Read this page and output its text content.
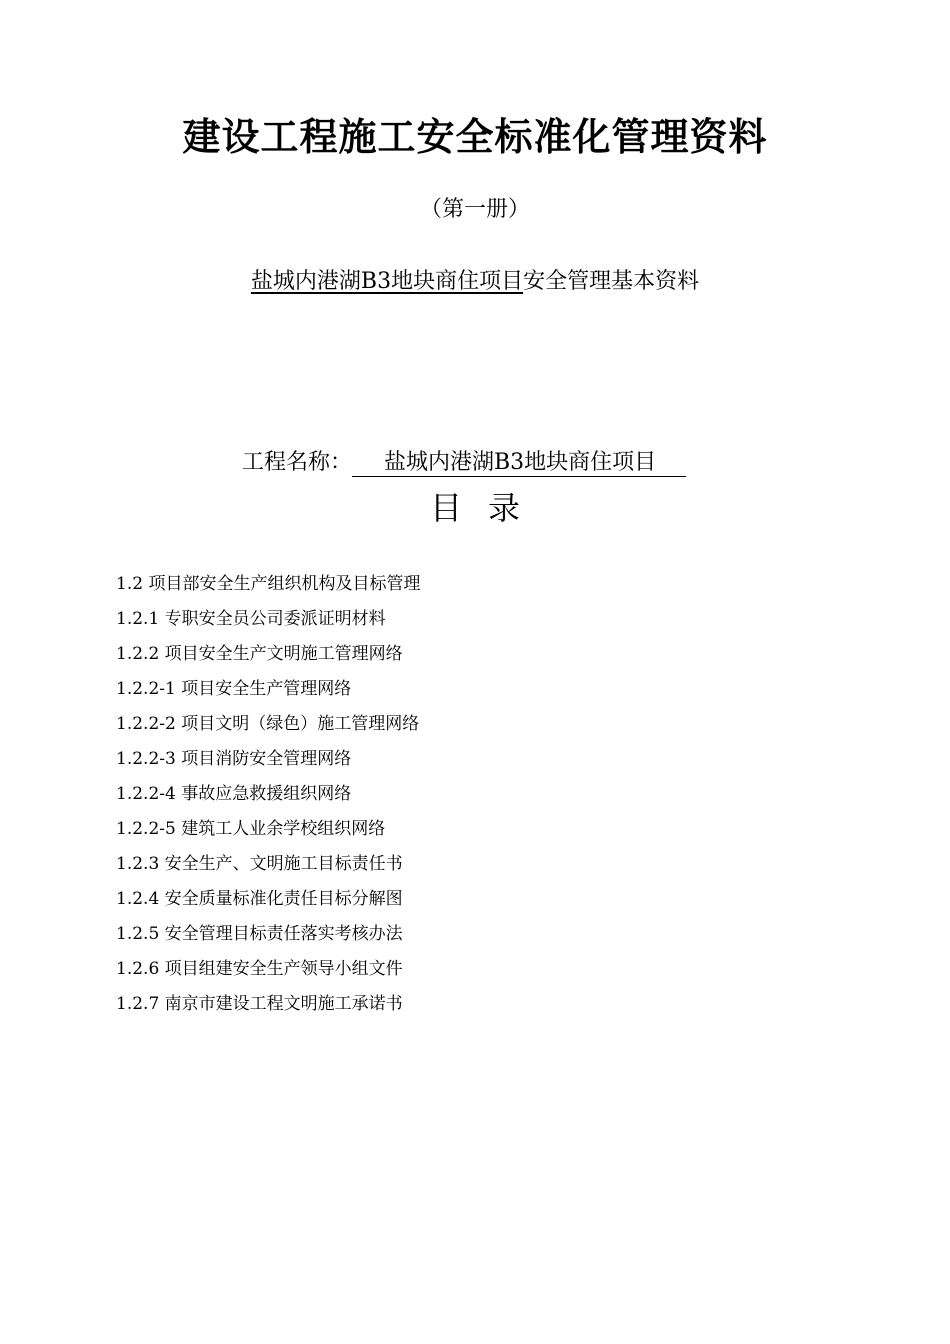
建设工程施工安全标准化管理资料
（第一册）
盐城内港湖B3地块商住项目安全管理基本资料
工程名称： 盐城内港湖B3地块商住项目
目录
1.2 项目部安全生产组织机构及目标管理
1.2.1 专职安全员公司委派证明材料
1.2.2 项目安全生产文明施工管理网络
1.2.2-1 项目安全生产管理网络
1.2.2-2 项目文明（绿色）施工管理网络
1.2.2-3 项目消防安全管理网络
1.2.2-4 事故应急救援组织网络
1.2.2-5 建筑工人业余学校组织网络
1.2.3 安全生产、文明施工目标责任书
1.2.4 安全质量标准化责任目标分解图
1.2.5 安全管理目标责任落实考核办法
1.2.6 项目组建安全生产领导小组文件
1.2.7 南京市建设工程文明施工承诺书
